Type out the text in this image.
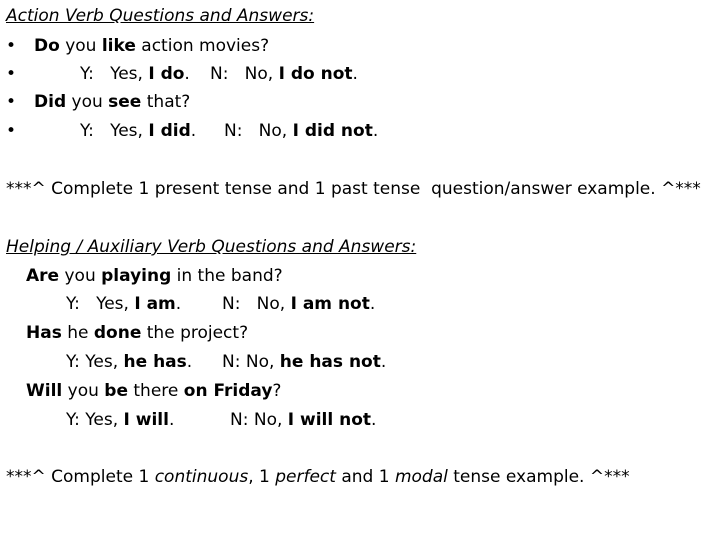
Action Verb Questions and Answers:
• Do you like action movies?
•	Y:   Yes, I do. N:   No, I do not.
• Did you see that?
•	Y:   Yes, I did. N:   No, I did not.
***^ Complete 1 present tense and 1 past tense  question/answer example. ^***
Helping / Auxiliary Verb Questions and Answers:
Are you playing in the band?
Y:   Yes, I am. N:   No, I am not.
Has he done the project?
Y: Yes, he has. N: No, he has not.
Will you be there on Friday?
Y: Yes, I will.	N: No, I will not.
***^ Complete 1 continuous, 1 perfect and 1 modal tense example. ^***
